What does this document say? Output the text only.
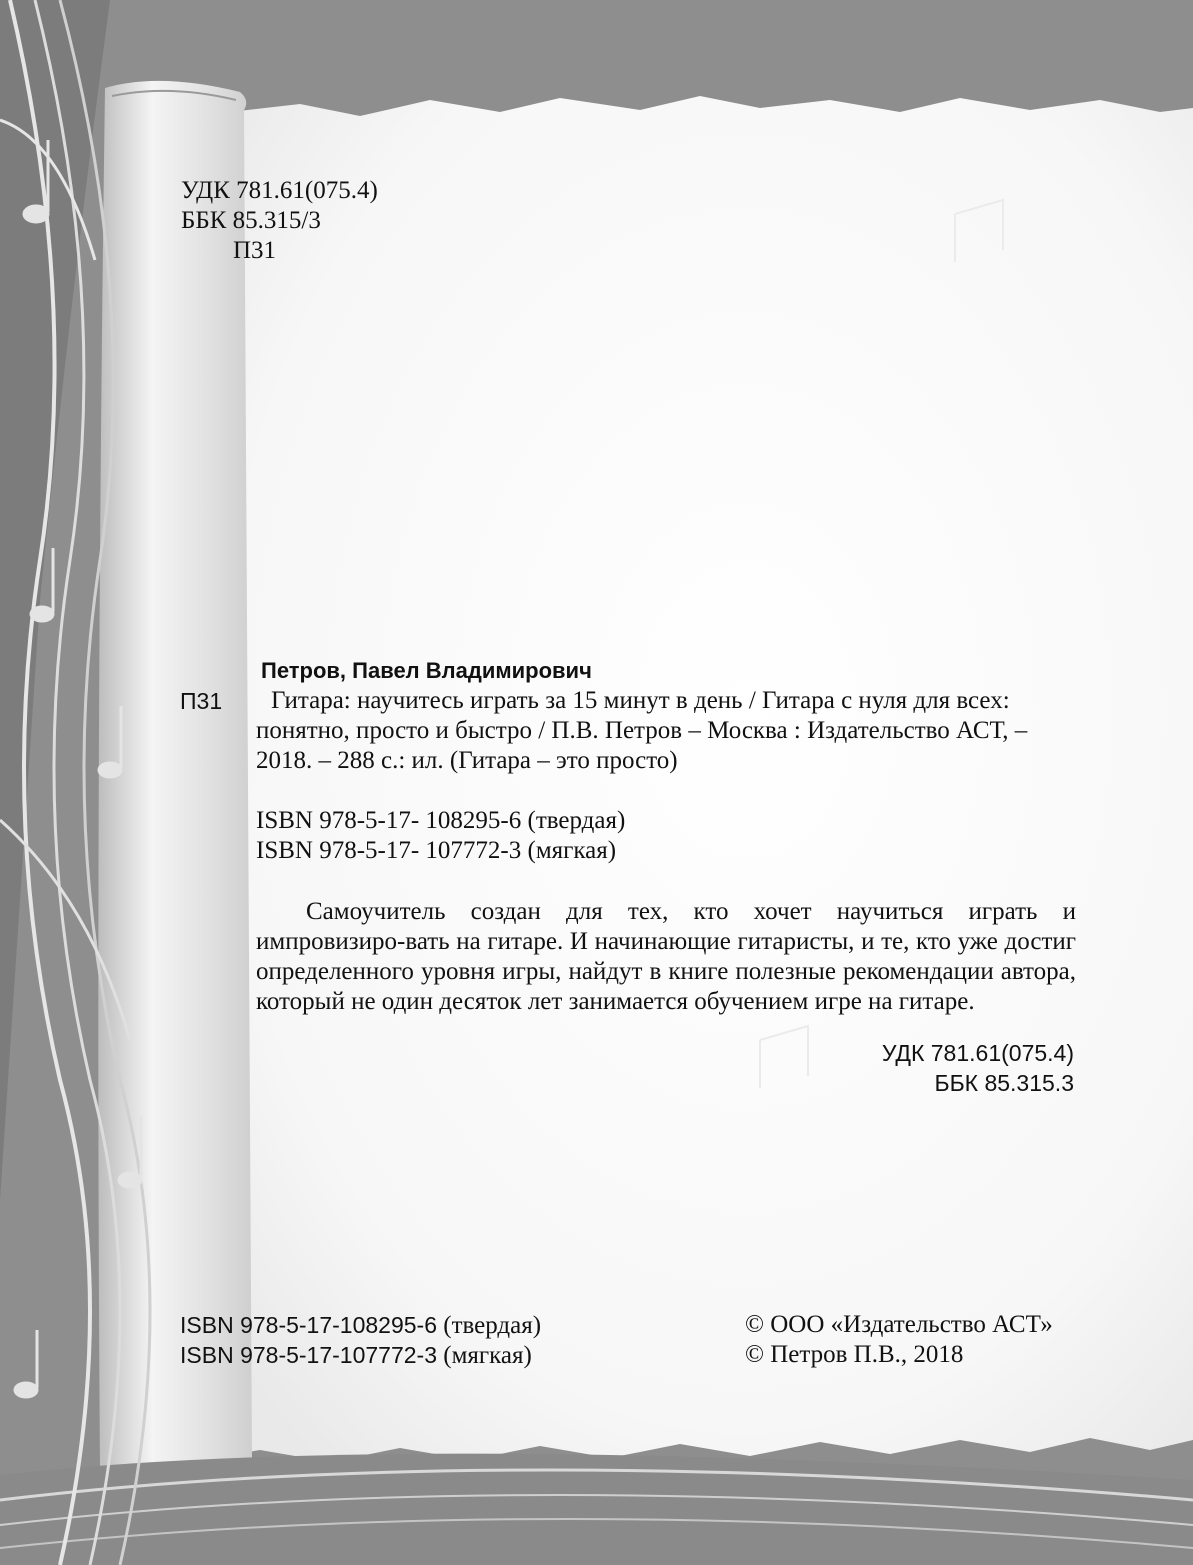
УДК 781.61(075.4)

ББК 85.315/3

П31

Петров, Павел Владимирович

П31 Гитара: научитесь играть за 15 минут в день / Гитара с нуля для всех:

понятно, просто и быстро / П.В. Петров – Москва : Издательство АСТ, –

2018. – 288 с.: ил. (Гитара – это просто)

ISBN 978-5-17- 108295-6 (твердая)

ISBN 978-5-17- 107772-3 (мягкая)

Самоучитель создан для тех, кто хочет научиться играть и импровизиро-вать на гитаре. И начинающие гитаристы, и те, кто уже достиг определенного уровня игры, найдут в книге полезные рекомендации автора, который не один десяток лет занимается обучением игре на гитаре.

УДК 781.61(075.4)

ББК 85.315.3

ISBN 978-5-17-108295-6 (твердая)

ISBN 978-5-17-107772-3 (мягкая)

© ООО «Издательство АСТ»

© Петров П.В., 2018
